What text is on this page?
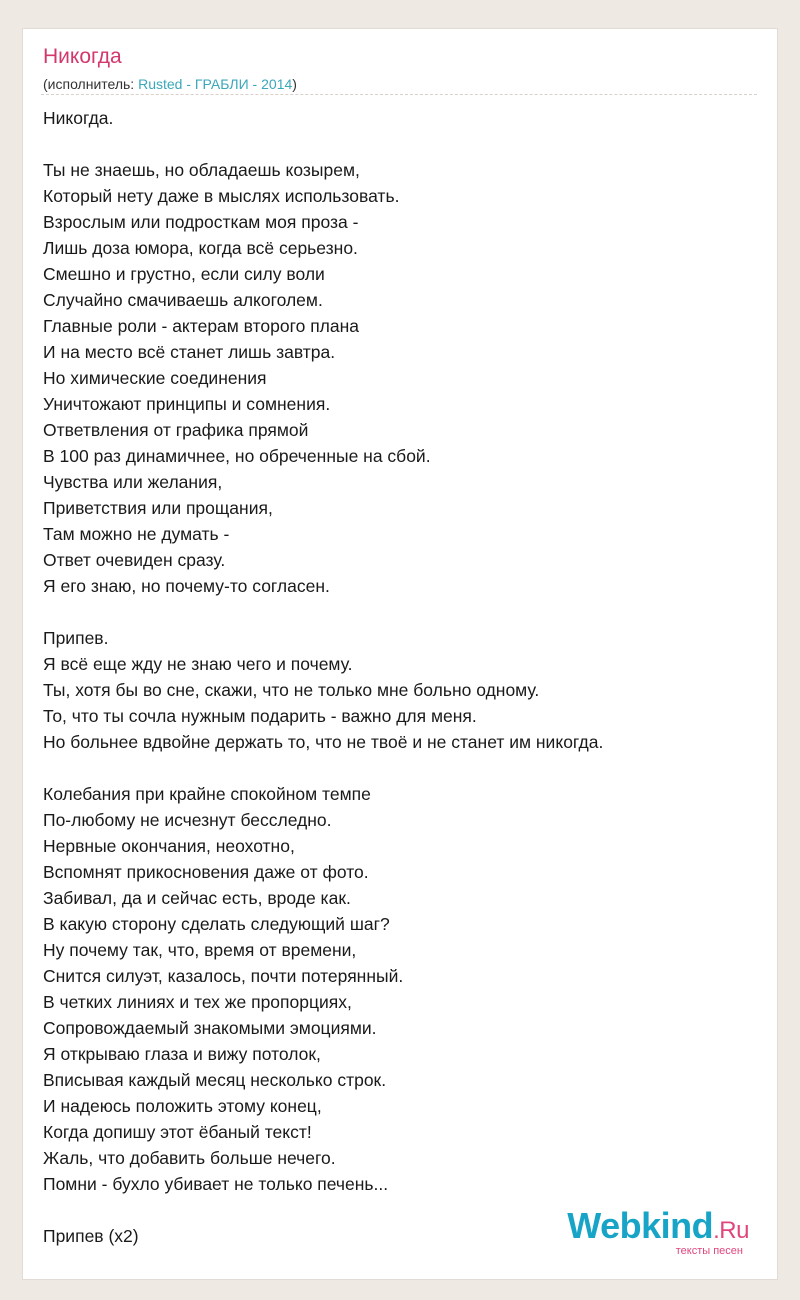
Никогда
(исполнитель: Rusted - ГРАБЛИ - 2014)
Никогда.
Ты не знаешь, но обладаешь козырем,
Который нету даже в мыслях использовать.
Взрослым или подросткам моя проза -
Лишь доза юмора, когда всё серьезно.
Смешно и грустно, если силу воли
Случайно смачиваешь алкоголем.
Главные роли - актерам второго плана
И на место всё станет лишь завтра.
Но химические соединения
Уничтожают принципы и сомнения.
Ответвления от графика прямой
В 100 раз динамичнее, но обреченные на сбой.
Чувства или желания,
Приветствия или прощания,
Там можно не думать -
Ответ очевиден сразу.
Я его знаю, но почему-то согласен.
Припев.
Я всё еще жду не знаю чего и почему.
Ты, хотя бы во сне, скажи, что не только мне больно одному.
То, что ты сочла нужным подарить - важно для меня.
Но больнее вдвойне держать то, что не твоё и не станет им никогда.
Колебания при крайне спокойном темпе
По-любому не исчезнут бесследно.
Нервные окончания, неохотно,
Вспомнят прикосновения даже от фото.
Забивал, да и сейчас есть, вроде как.
В какую сторону сделать следующий шаг?
Ну почему так, что, время от времени,
Снится силуэт, казалось, почти потерянный.
В четких линиях и тех же пропорциях,
Сопровождаемый знакомыми эмоциями.
Я открываю глаза и вижу потолок,
Вписывая каждый месяц несколько строк.
И надеюсь положить этому конец,
Когда допишу этот ёбаный текст!
Жаль, что добавить больше нечего.
Помни - бухло убивает не только печень...
Припев (x2)	Webkind.Ru
тексты песен
